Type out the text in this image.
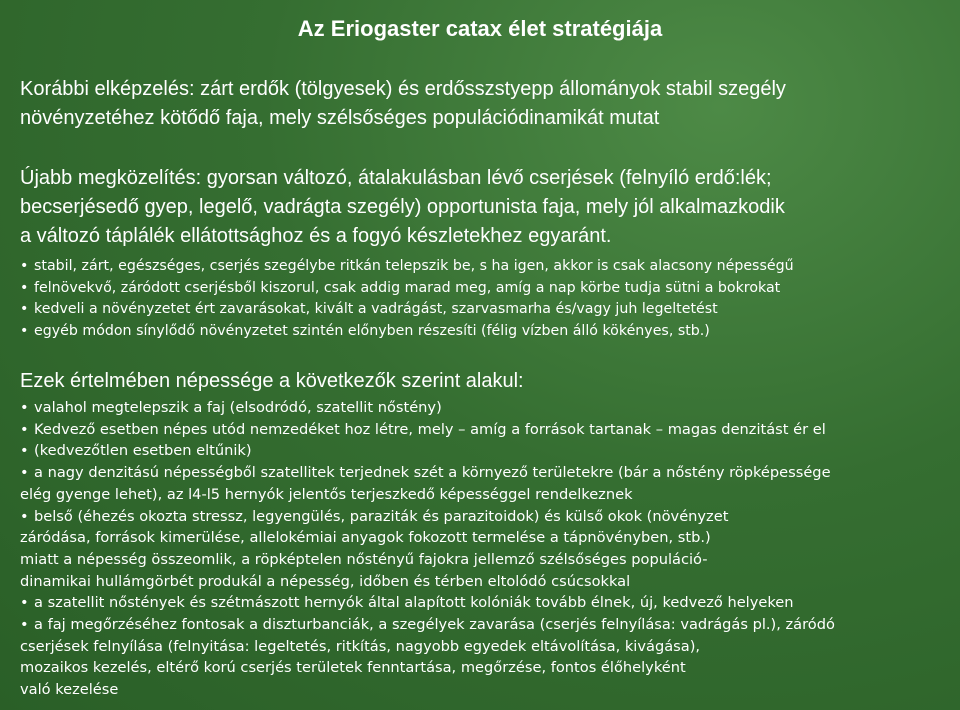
Az Eriogaster catax élet stratégiája
Korábbi elképzelés: zárt erdők (tölgyesek) és erdősszstyepp állományok stabil szegély
növényzetéhez kötődő faja, mely szélsőséges populációdinamikát mutat
Újabb megközelítés: gyorsan változó, átalakulásban lévő cserjések (felnyíló erdő:lék;
becserjésedő gyep, legelő, vadrágta szegély) opportunista faja, mely jól alkalmazkodik
a változó táplálék ellátottsághoz és a fogyó készletekhez egyaránt.
• stabil, zárt, egészséges, cserjés szegélybe ritkán telepszik be, s ha igen, akkor is csak alacsony népességű
• felnövekvő, záródott cserjésből kiszorul, csak addig marad meg, amíg a nap körbe tudja sütni a bokrokat
• kedveli a növényzetet ért zavarásokat, kivált a vadrágást, szarvasmarha és/vagy juh legeltetést
• egyéb módon sínylődő növényzetet szintén előnyben részesíti (félig vízben álló kökényes, stb.)
Ezek értelmében népessége a következők szerint alakul:
• valahol megtelepszik a faj (elsodródó, szatellit nőstény)
• Kedvező esetben népes utód nemzedéket hoz létre, mely – amíg a források tartanak – magas denzitást ér el
• (kedvezőtlen esetben eltűnik)
• a nagy denzitású népességből szatellitek terjednek szét a környező területekre (bár a nőstény röpképessége
elég gyenge lehet), az l4-l5 hernyók jelentős terjeszkedő képességgel rendelkeznek
• belső (éhezés okozta stressz, legyengülés, paraziták és parazitoidok) és külső okok (növényzet
záródása, források kimerülése, allelokémiai anyagok fokozott termelése a tápnövényben, stb.)
miatt a népesség összeomlik, a röpképtelen nőstényű fajokra jellemző szélsőséges populáció-
dinamikai hullámgörbét produkál a népesség, időben és térben eltolódó csúcsokkal
• a szatellit nőstények és szétmászott hernyók által alapított kolóniák tovább élnek, új, kedvező helyeken
• a faj megőrzéséhez fontosak a diszturbanciák, a szegélyek zavarása (cserjés felnyílása: vadrágás pl.), záródó
cserjések felnyílása (felnyitása: legeltetés, ritkítás, nagyobb egyedek eltávolítása, kivágása),
mozaikos kezelés, eltérő korú cserjés területek fenntartása, megőrzése, fontos élőhelyként
való kezelése
